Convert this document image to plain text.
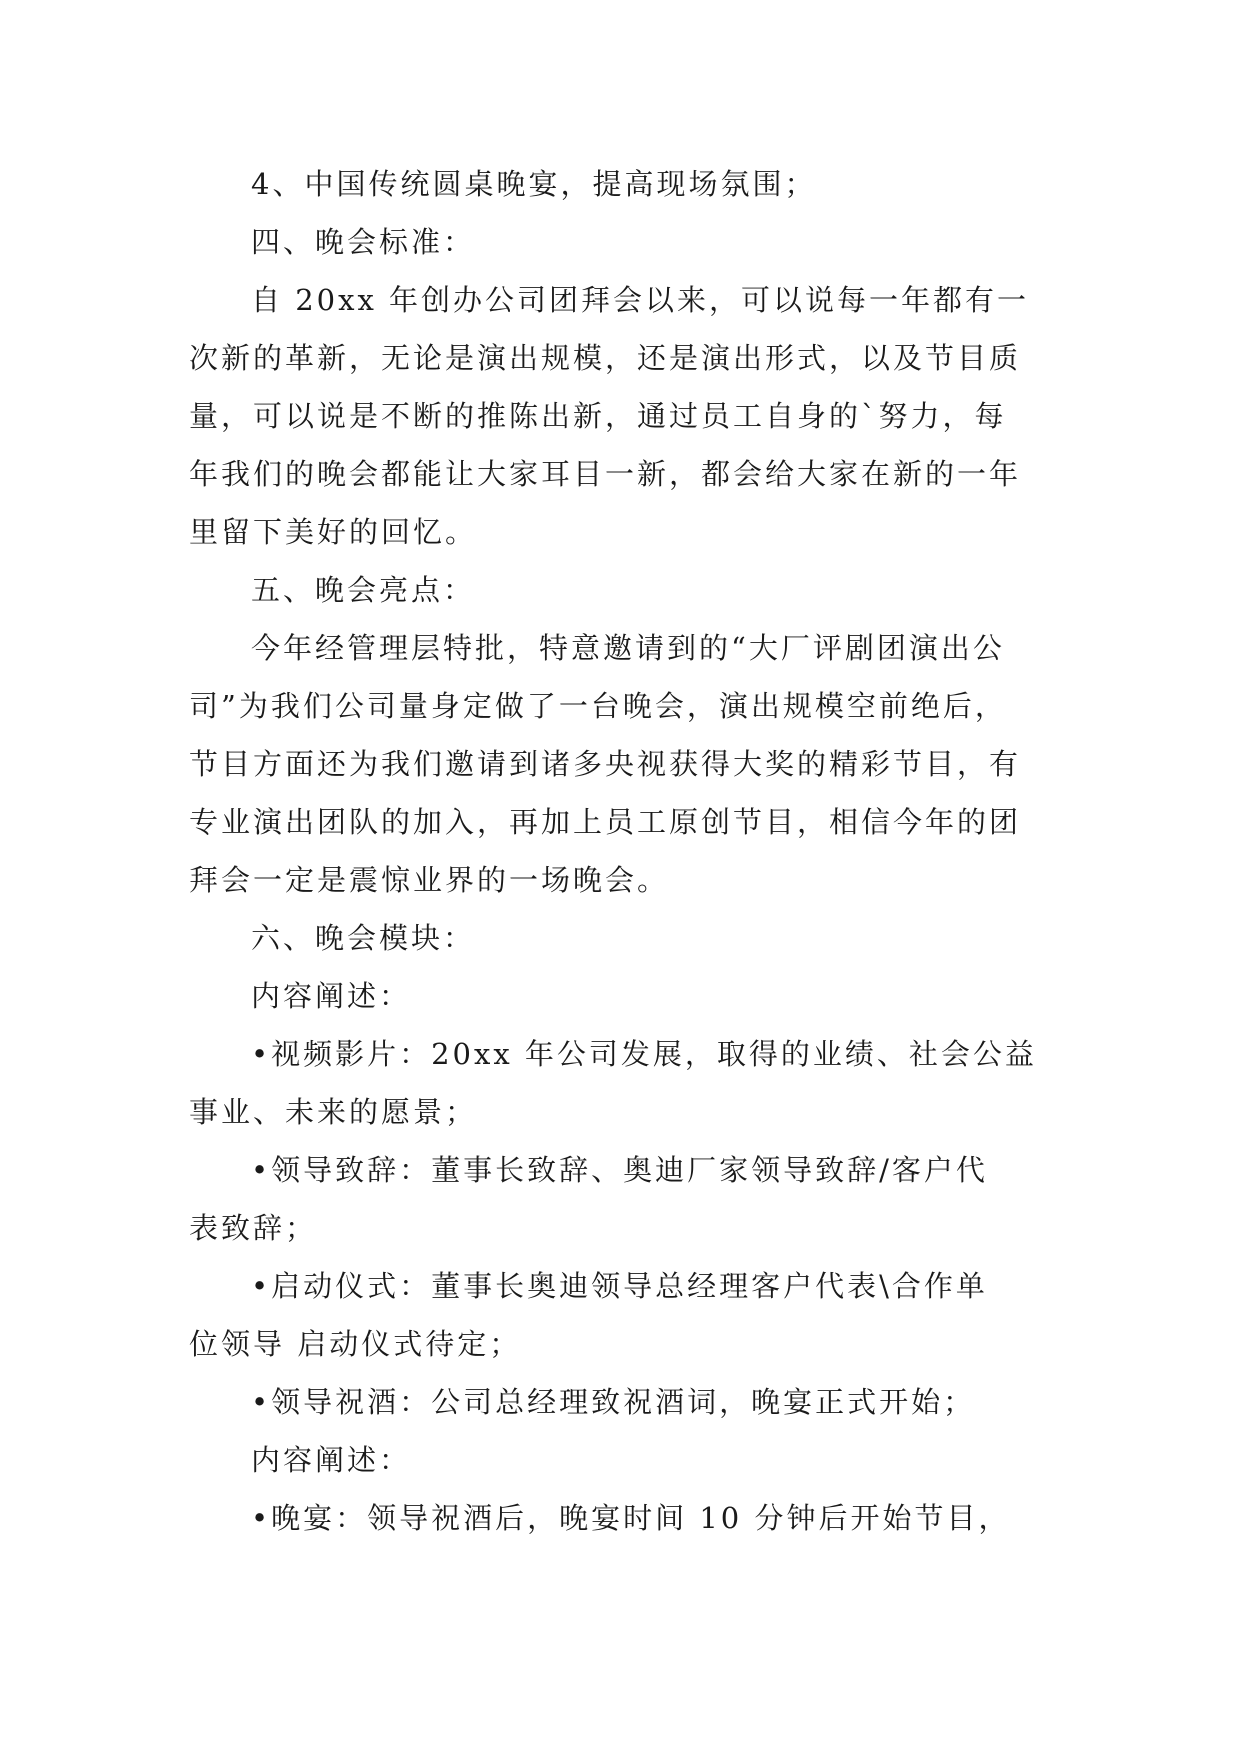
4、中国传统圆桌晚宴，提高现场氛围；
四、晚会标准：
自 20xx 年创办公司团拜会以来，可以说每一年都有一
次新的革新，无论是演出规模，还是演出形式，以及节目质
量，可以说是不断的推陈出新，通过员工自身的`努力，每
年我们的晚会都能让大家耳目一新，都会给大家在新的一年
里留下美好的回忆。
五、晚会亮点：
今年经管理层特批，特意邀请到的“大厂评剧团演出公
司”为我们公司量身定做了一台晚会，演出规模空前绝后，
节目方面还为我们邀请到诸多央视获得大奖的精彩节目，有
专业演出团队的加入，再加上员工原创节目，相信今年的团
拜会一定是震惊业界的一场晚会。
六、晚会模块：
内容阐述：
•视频影片：20xx 年公司发展，取得的业绩、社会公益
事业、未来的愿景；
•领导致辞：董事长致辞、奥迪厂家领导致辞/客户代
表致辞；
•启动仪式：董事长奥迪领导总经理客户代表\合作单
位领导 启动仪式待定；
•领导祝酒：公司总经理致祝酒词，晚宴正式开始；
内容阐述：
•晚宴：领导祝酒后，晚宴时间 10 分钟后开始节目，
